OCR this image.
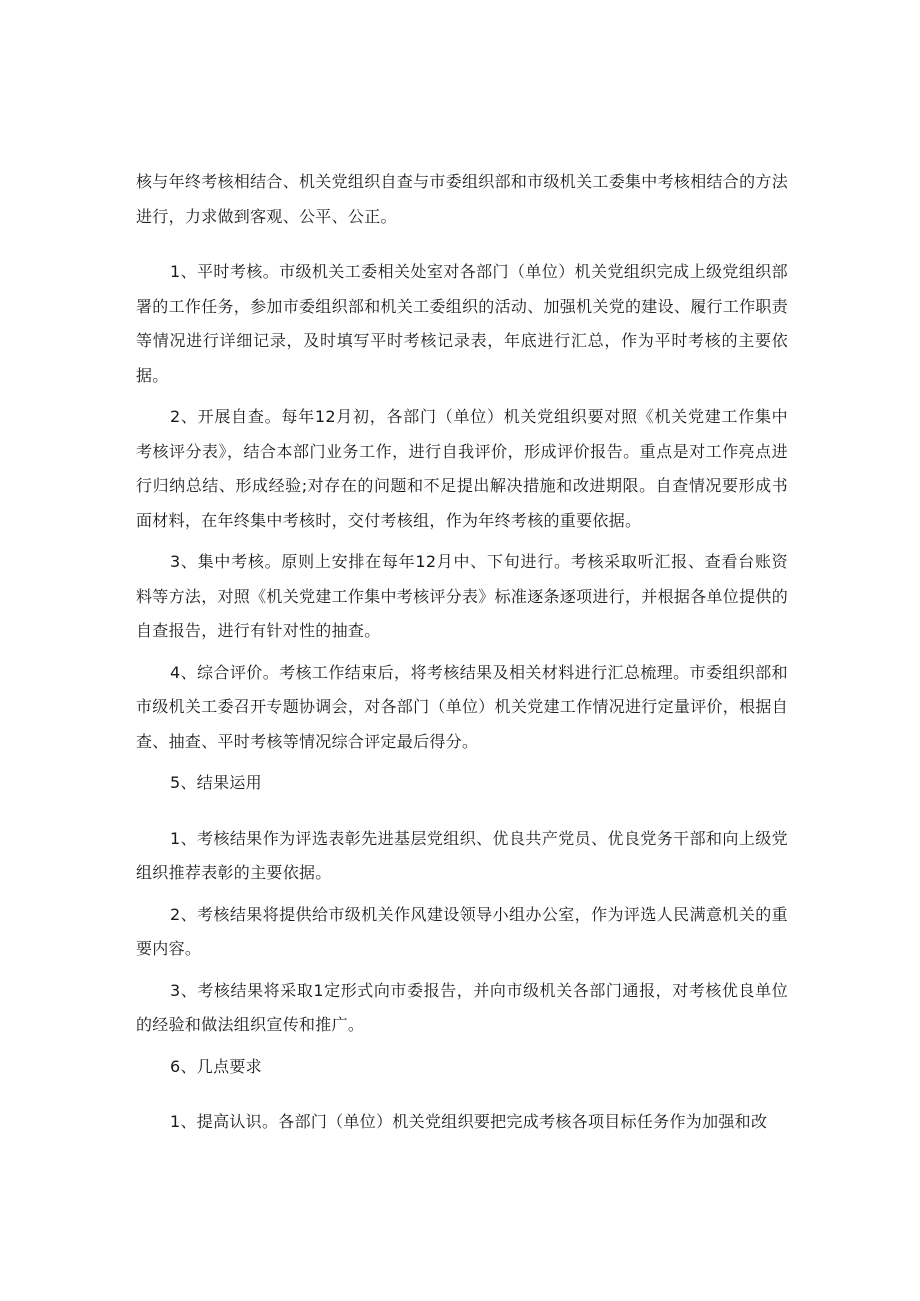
核与年终考核相结合、机关党组织自查与市委组织部和市级机关工委集中考核相结合的方法进行，力求做到客观、公平、公正。

1、平时考核。市级机关工委相关处室对各部门（单位）机关党组织完成上级党组织部署的工作任务，参加市委组织部和机关工委组织的活动、加强机关党的建设、履行工作职责等情况进行详细记录，及时填写平时考核记录表，年底进行汇总，作为平时考核的主要依据。

2、开展自查。每年12月初，各部门（单位）机关党组织要对照《机关党建工作集中考核评分表》，结合本部门业务工作，进行自我评价，形成评价报告。重点是对工作亮点进行归纳总结、形成经验;对存在的问题和不足提出解决措施和改进期限。自查情况要形成书面材料，在年终集中考核时，交付考核组，作为年终考核的重要依据。

3、集中考核。原则上安排在每年12月中、下旬进行。考核采取听汇报、查看台账资料等方法，对照《机关党建工作集中考核评分表》标准逐条逐项进行，并根据各单位提供的自查报告，进行有针对性的抽查。

4、综合评价。考核工作结束后，将考核结果及相关材料进行汇总梳理。市委组织部和市级机关工委召开专题协调会，对各部门（单位）机关党建工作情况进行定量评价，根据自查、抽查、平时考核等情况综合评定最后得分。

5、结果运用

1、考核结果作为评选表彰先进基层党组织、优良共产党员、优良党务干部和向上级党组织推荐表彰的主要依据。

2、考核结果将提供给市级机关作风建设领导小组办公室，作为评选人民满意机关的重要内容。

3、考核结果将采取1定形式向市委报告，并向市级机关各部门通报，对考核优良单位的经验和做法组织宣传和推广。

6、几点要求

1、提高认识。各部门（单位）机关党组织要把完成考核各项目标任务作为加强和改
